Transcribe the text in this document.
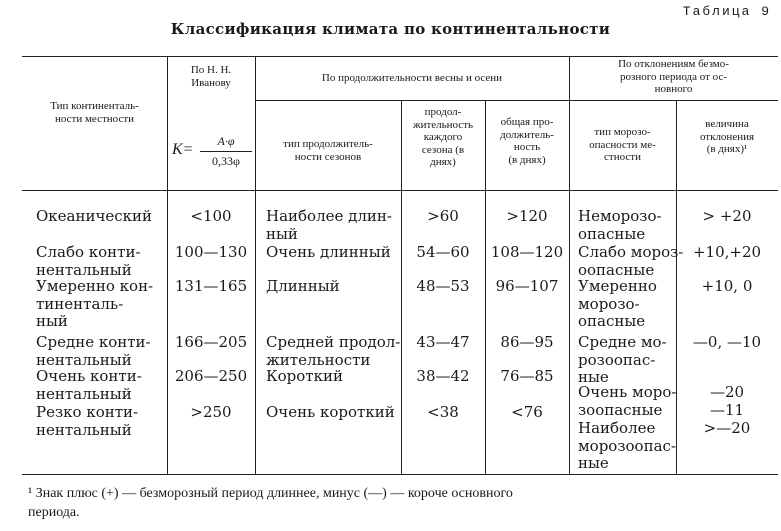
Таблица 9
Классификация климата по континентальности
Тип континенталь-
ности местности
По Н. Н.
Иванову	По продолжительности весны и осени
По отклонениям безмо-
розного периода от ос-
новного
тип продолжитель-
ности сезонов
продол-
жительность
каждого
сезона (в
днях)
общая про-
должитель-
ность
(в днях)
тип морозо-
опасности ме-
стности
величина
отклонения
(в днях)¹
K=	A·φ
0,33φ
Океанический
Слабо конти-
нентальный
Умеренно кон-
тиненталь-
ный
Средне конти-
нентальный
Очень конти-
нентальный
Резко конти-
нентальный
<100
100—130
131—165
166—205
206—250
>250
Наиболее длин-
ный
Очень длинный
Длинный
Средней продол-
жительности
Короткий
Очень короткий
>60
54—60
48—53
43—47
38—42
<38
>120
108—120
96—107
86—95
76—85
<76
Неморозо-
опасные
Слабо мороз-
оопасные
Умеренно
морозо-
опасные
Средне мо-
розоопас-
ные
Очень моро-
зоопасные
Наиболее
морозоопас-
ные
> +20
+10,+20
+10, 0
—0, —10
—20
—11
>—20
¹ Знак плюс (+) — безморозный период длиннее, минус (—) — короче основного
периода.
